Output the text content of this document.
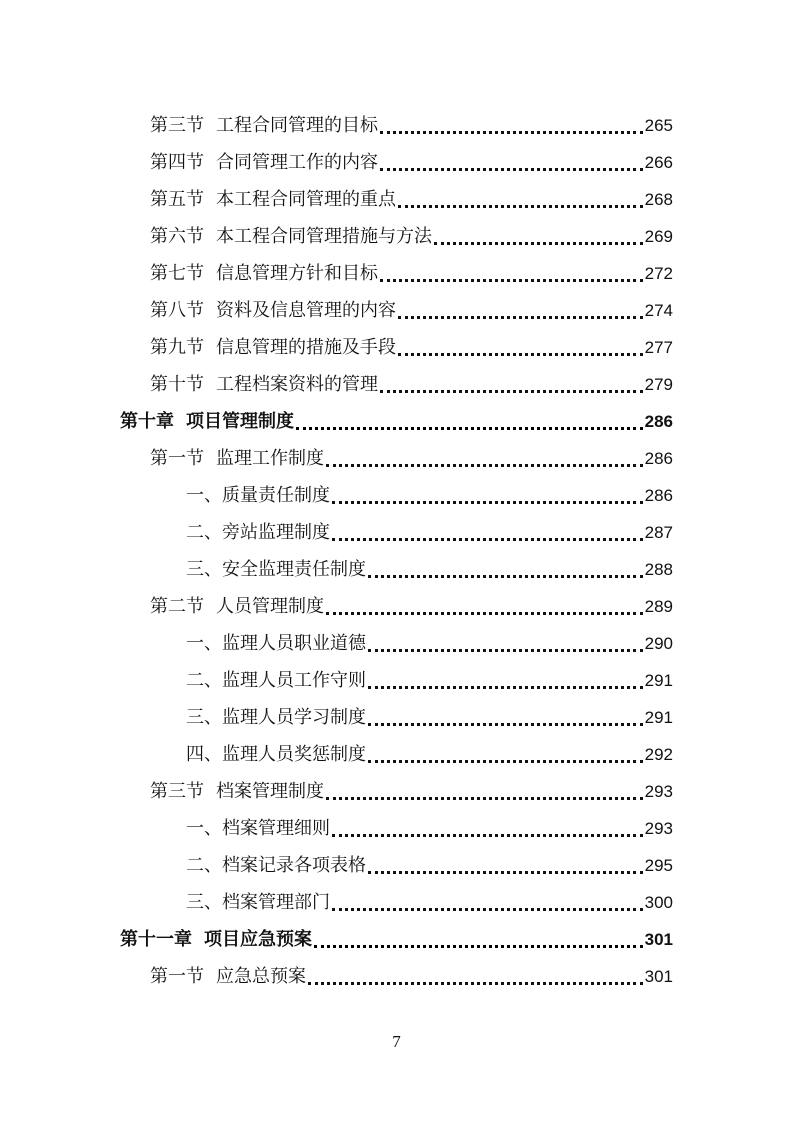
第三节 工程合同管理的目标	265
第四节 合同管理工作的内容	266
第五节 本工程合同管理的重点	268
第六节 本工程合同管理措施与方法	269
第七节 信息管理方针和目标	272
第八节 资料及信息管理的内容	274
第九节 信息管理的措施及手段	277
第十节 工程档案资料的管理	279
第十章 项目管理制度	286
第一节 监理工作制度	286
一、质量责任制度	286
二、旁站监理制度	287
三、安全监理责任制度	288
第二节 人员管理制度	289
一、监理人员职业道德	290
二、监理人员工作守则	291
三、监理人员学习制度	291
四、监理人员奖惩制度	292
第三节 档案管理制度	293
一、档案管理细则	293
二、档案记录各项表格	295
三、档案管理部门	300
第十一章 项目应急预案	301
第一节 应急总预案	301
7
